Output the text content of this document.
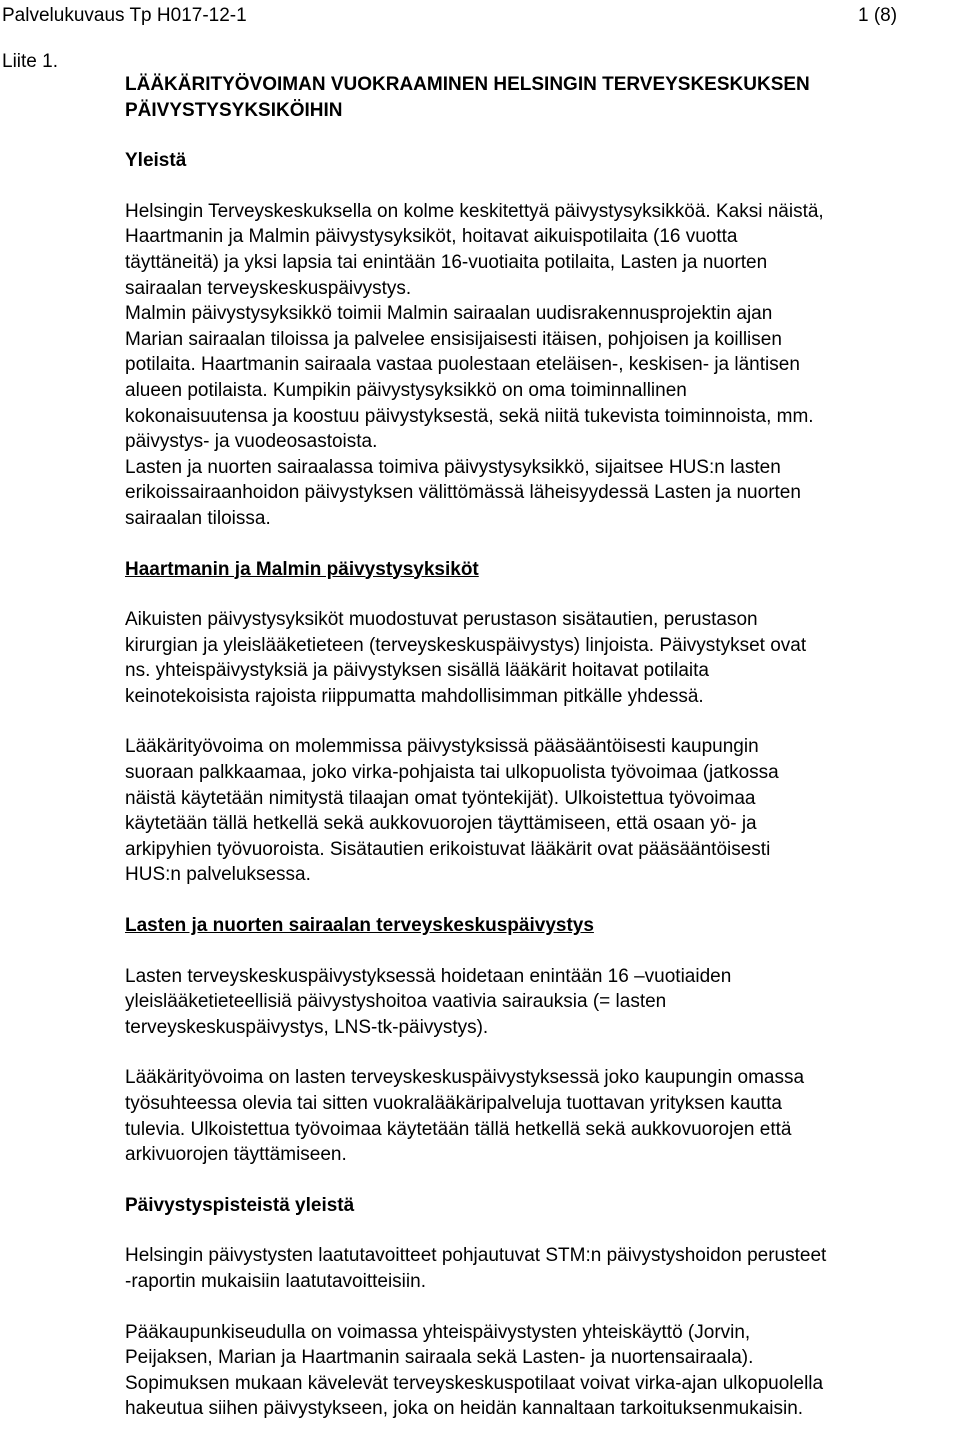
Palvelukuvaus Tp H017-12-1	1 (8)
Liite 1.

LÄÄKÄRITYÖVOIMAN VUOKRAAMINEN HELSINGIN TERVEYSKESKUKSEN
PÄIVYSTYSYKSIKÖIHIN

Yleistä

Helsingin Terveyskeskuksella on kolme keskitettyä päivystysyksikköä. Kaksi näistä,
Haartmanin ja Malmin päivystysyksiköt, hoitavat aikuispotilaita (16 vuotta
täyttäneitä) ja yksi lapsia tai enintään 16-vuotiaita potilaita, Lasten ja nuorten
sairaalan terveyskeskuspäivystys.
Malmin päivystysyksikkö toimii Malmin sairaalan uudisrakennusprojektin ajan
Marian sairaalan tiloissa ja palvelee ensisijaisesti itäisen, pohjoisen ja koillisen
potilaita. Haartmanin sairaala vastaa puolestaan eteläisen-, keskisen- ja läntisen
alueen potilaista. Kumpikin päivystysyksikkö on oma toiminnallinen
kokonaisuutensa ja koostuu päivystyksestä, sekä niitä tukevista toiminnoista, mm.
päivystys- ja vuodeosastoista.
Lasten ja nuorten sairaalassa toimiva päivystysyksikkö, sijaitsee HUS:n lasten
erikoissairaanhoidon päivystyksen välittömässä läheisyydessä Lasten ja nuorten
sairaalan tiloissa.

Haartmanin ja Malmin päivystysyksiköt

Aikuisten päivystysyksiköt muodostuvat perustason sisätautien, perustason
kirurgian ja yleislääketieteen (terveyskeskuspäivystys) linjoista. Päivystykset ovat
ns. yhteispäivystyksiä ja päivystyksen sisällä lääkärit hoitavat potilaita
keinotekoisista rajoista riippumatta mahdollisimman pitkälle yhdessä.

Lääkärityövoima on molemmissa päivystyksissä pääsääntöisesti kaupungin
suoraan palkkaamaa, joko virka-pohjaista tai ulkopuolista työvoimaa (jatkossa
näistä käytetään nimitystä tilaajan omat työntekijät). Ulkoistettua työvoimaa
käytetään tällä hetkellä sekä aukkovuorojen täyttämiseen, että osaan yö- ja
arkipyhien työvuoroista. Sisätautien erikoistuvat lääkärit ovat pääsääntöisesti
HUS:n palveluksessa.

Lasten ja nuorten sairaalan terveyskeskuspäivystys

Lasten terveyskeskuspäivystyksessä hoidetaan enintään 16 –vuotiaiden
yleislääketieteellisiä päivystyshoitoa vaativia sairauksia (= lasten
terveyskeskuspäivystys, LNS-tk-päivystys).

Lääkärityövoima on lasten terveyskeskuspäivystyksessä joko kaupungin omassa
työsuhteessa olevia tai sitten vuokralääkäripalveluja tuottavan yrityksen kautta
tulevia. Ulkoistettua työvoimaa käytetään tällä hetkellä sekä aukkovuorojen että
arkivuorojen täyttämiseen.

Päivystyspisteistä yleistä

Helsingin päivystysten laatutavoitteet pohjautuvat STM:n päivystyshoidon perusteet
-raportin mukaisiin laatutavoitteisiin.

Pääkaupunkiseudulla on voimassa yhteispäivystysten yhteiskäyttö (Jorvin,
Peijaksen, Marian ja Haartmanin sairaala sekä Lasten- ja nuortensairaala).
Sopimuksen mukaan kävelevät terveyskeskuspotilaat voivat virka-ajan ulkopuolella
hakeutua siihen päivystykseen, joka on heidän kannaltaan tarkoituksenmukaisin.
